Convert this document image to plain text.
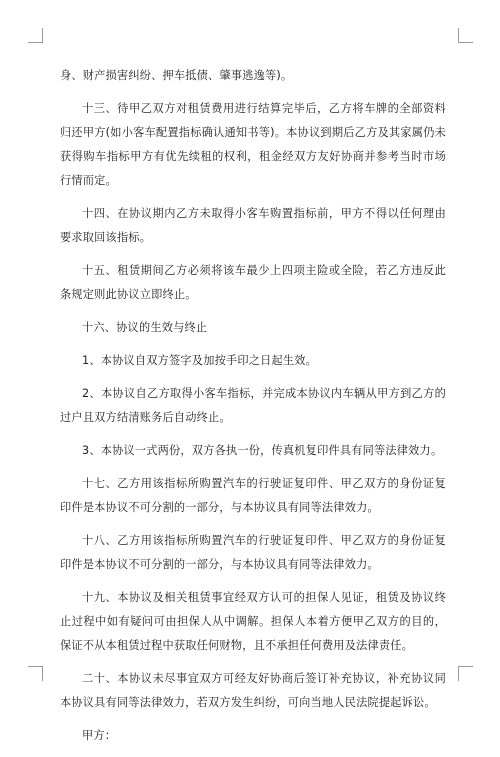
身、财产损害纠纷、押车抵债、肇事逃逸等)。

十三、待甲乙双方对租赁费用进行结算完毕后，乙方将车牌的全部资料归还甲方(如小客车配置指标确认通知书等)。本协议到期后乙方及其家属仍未获得购车指标甲方有优先续租的权利，租金经双方友好协商并参考当时市场行情而定。

十四、在协议期内乙方未取得小客车购置指标前，甲方不得以任何理由要求取回该指标。

十五、租赁期间乙方必须将该车最少上四项主险或全险，若乙方违反此条规定则此协议立即终止。

十六、协议的生效与终止

1、本协议自双方签字及加按手印之日起生效。

2、本协议自乙方取得小客车指标，并完成本协议内车辆从甲方到乙方的过户且双方结清账务后自动终止。

3、本协议一式两份，双方各执一份，传真机复印件具有同等法律效力。

十七、乙方用该指标所购置汽车的行驶证复印件、甲乙双方的身份证复印件是本协议不可分割的一部分，与本协议具有同等法律效力。

十八、乙方用该指标所购置汽车的行驶证复印件、甲乙双方的身份证复印件是本协议不可分割的一部分，与本协议具有同等法律效力。

十九、本协议及相关租赁事宜经双方认可的担保人见证，租赁及协议终止过程中如有疑问可由担保人从中调解。担保人本着方便甲乙双方的目的，保证不从本租赁过程中获取任何财物，且不承担任何费用及法律责任。

二十、本协议未尽事宜双方可经友好协商后签订补充协议，补充协议同本协议具有同等法律效力，若双方发生纠纷，可向当地人民法院提起诉讼。

甲方：
